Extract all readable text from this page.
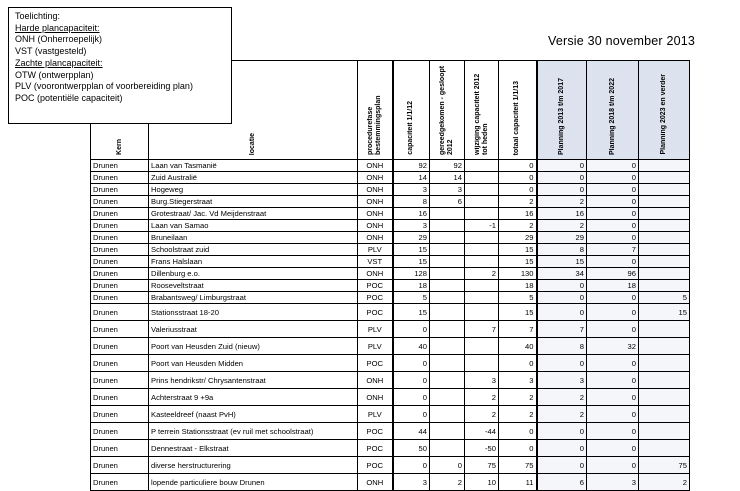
Toelichting:
Harde plancapaciteit:
ONH (Onherroepelijk)
VST (vastgesteld)
Zachte plancapaciteit:
OTW (ontwerpplan)
PLV (voorontwerpplan of voorbereiding plan)
POC (potentiële capaciteit)
Versie 30 november 2013
Kern	locatie	procedurefase bestemmingsplan	capaciteit 1/1/12	gereedgekomen - gesloopt 2012	wijziging capaciteit 2012 tot heden	totaal capaciteit 1/1/13	Planning 2013 t/m 2017	Planning 2018 t/m 2022	Planning 2023 en verder
Drunen	Laan van Tasmanië	ONH	92	92		0	0	0	
Drunen	Zuid Australië	ONH	14	14		0	0	0	
Drunen	Hogeweg	ONH	3	3		0	0	0	
Drunen	Burg.Stiegerstraat	ONH	8	6		2	2	0	
Drunen	Grotestraat/ Jac. Vd Meijdenstraat	ONH	16			16	16	0	
Drunen	Laan van Samao	ONH	3		-1	2	2	0	
Drunen	Bruneilaan	ONH	29			29	29	0	
Drunen	Schoolstraat zuid	PLV	15			15	8	7	
Drunen	Frans Halslaan	VST	15			15	15	0	
Drunen	Dillenburg e.o.	ONH	128		2	130	34	96	
Drunen	Rooseveltstraat	POC	18			18	0	18	
Drunen	Brabantsweg/ Limburgstraat	POC	5			5	0	0	5
Drunen	Stationsstraat 18-20	POC	15			15	0	0	15
Drunen	Valeriusstraat	PLV	0		7	7	7	0	
Drunen	Poort van Heusden Zuid (nieuw)	PLV	40			40	8	32	
Drunen	Poort van Heusden Midden	POC	0			0	0	0	
Drunen	Prins hendrikstr/ Chrysantenstraat	ONH	0		3	3	3	0	
Drunen	Achterstraat 9 +9a	ONH	0		2	2	2	0	
Drunen	Kasteeldreef (naast PvH)	PLV	0		2	2	2	0	
Drunen	P terrein Stationsstraat (ev ruil met schoolstraat)	POC	44		-44	0	0	0	
Drunen	Dennestraat - Elkstraat	POC	50		-50	0	0	0	
Drunen	diverse herstructurering	POC	0	0	75	75	0	0	75
Drunen	lopende particuliere bouw Drunen	ONH	3	2	10	11	6	3	2
